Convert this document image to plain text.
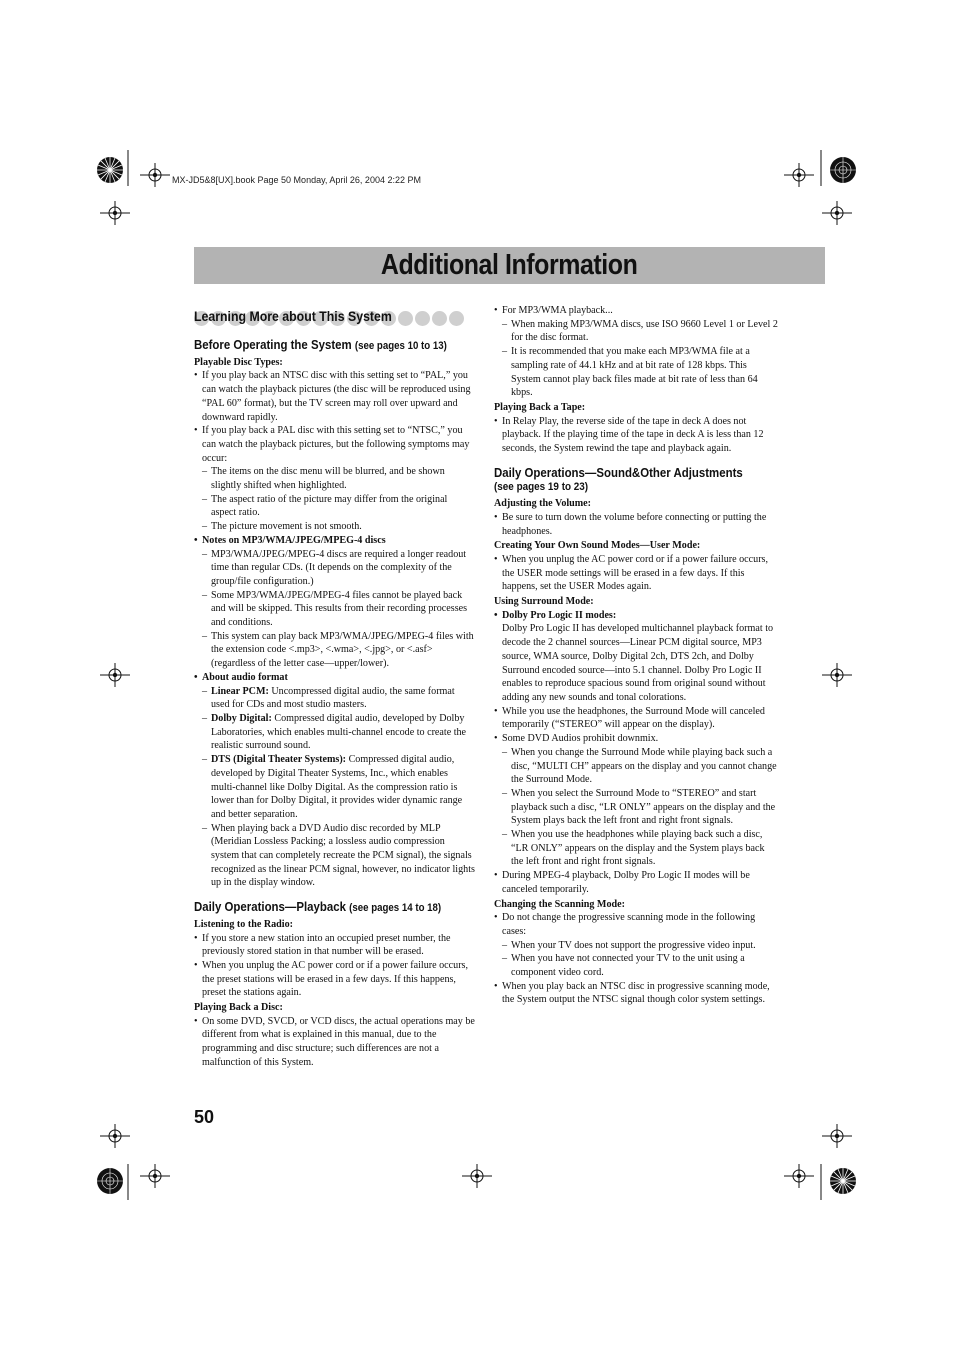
MX-JD5&8[UX].book Page 50 Monday, April 26, 2004 2:22 PM
Additional Information
Learning More about This System
Before Operating the System (see pages 10 to 13)
Playable Disc Types:
• If you play back an NTSC disc with this setting set to “PAL,” you can watch the playback pictures (the disc will be reproduced using “PAL 60” format), but the TV screen may roll over upward and downward rapidly.
• If you play back a PAL disc with this setting set to “NTSC,” you can watch the playback pictures, but the following symptoms may occur:
– The items on the disc menu will be blurred, and be shown slightly shifted when highlighted.
– The aspect ratio of the picture may differ from the original aspect ratio.
– The picture movement is not smooth.
• Notes on MP3/WMA/JPEG/MPEG-4 discs
– MP3/WMA/JPEG/MPEG-4 discs are required a longer readout time than regular CDs. (It depends on the complexity of the group/file configuration.)
– Some MP3/WMA/JPEG/MPEG-4 files cannot be played back and will be skipped. This results from their recording processes and conditions.
– This system can play back MP3/WMA/JPEG/MPEG-4 files with the extension code <.mp3>, <.wma>, <.jpg>, or <.asf> (regardless of the letter case—upper/lower).
• About audio format
– Linear PCM: Uncompressed digital audio, the same format used for CDs and most studio masters.
– Dolby Digital: Compressed digital audio, developed by Dolby Laboratories, which enables multi-channel encode to create the realistic surround sound.
– DTS (Digital Theater Systems): Compressed digital audio, developed by Digital Theater Systems, Inc., which enables multi-channel like Dolby Digital. As the compression ratio is lower than for Dolby Digital, it provides wider dynamic range and better separation.
– When playing back a DVD Audio disc recorded by MLP (Meridian Lossless Packing; a lossless audio compression system that can completely recreate the PCM signal), the signals recognized as the linear PCM signal, however, no indicator lights up in the display window.
Daily Operations—Playback (see pages 14 to 18)
Listening to the Radio:
• If you store a new station into an occupied preset number, the previously stored station in that number will be erased.
• When you unplug the AC power cord or if a power failure occurs, the preset stations will be erased in a few days. If this happens, preset the stations again.
Playing Back a Disc:
• On some DVD, SVCD, or VCD discs, the actual operations may be different from what is explained in this manual, due to the programming and disc structure; such differences are not a malfunction of this System.
• For MP3/WMA playback...
– When making MP3/WMA discs, use ISO 9660 Level 1 or Level 2 for the disc format.
– It is recommended that you make each MP3/WMA file at a sampling rate of 44.1 kHz and at bit rate of 128 kbps. This System cannot play back files made at bit rate of less than 64 kbps.
Playing Back a Tape:
• In Relay Play, the reverse side of the tape in deck A does not playback. If the playing time of the tape in deck A is less than 12 seconds, the System rewind the tape and playback again.
Daily Operations—Sound&Other Adjustments
(see pages 19 to 23)
Adjusting the Volume:
• Be sure to turn down the volume before connecting or putting the headphones.
Creating Your Own Sound Modes—User Mode:
• When you unplug the AC power cord or if a power failure occurs, the USER mode settings will be erased in a few days. If this happens, set the USER Modes again.
Using Surround Mode:
• Dolby Pro Logic II modes:
Dolby Pro Logic II has developed multichannel playback format to decode the 2 channel sources—Linear PCM digital source, MP3 source, WMA source, Dolby Digital 2ch, DTS 2ch, and Dolby Surround encoded source—into 5.1 channel. Dolby Pro Logic II enables to reproduce spacious sound from original sound without adding any new sounds and tonal colorations.
• While you use the headphones, the Surround Mode will canceled temporarily (“STEREO” will appear on the display).
• Some DVD Audios prohibit downmix.
– When you change the Surround Mode while playing back such a disc, “MULTI CH” appears on the display and you cannot change the Surround Mode.
– When you select the Surround Mode to “STEREO” and start playback such a disc, “LR ONLY” appears on the display and the System plays back the left front and right front signals.
– When you use the headphones while playing back such a disc, “LR ONLY” appears on the display and the System plays back the left front and right front signals.
• During MPEG-4 playback, Dolby Pro Logic II modes will be canceled temporarily.
Changing the Scanning Mode:
• Do not change the progressive scanning mode in the following cases:
– When your TV does not support the progressive video input.
– When you have not connected your TV to the unit using a component video cord.
• When you play back an NTSC disc in progressive scanning mode, the System output the NTSC signal though color system settings.
50
